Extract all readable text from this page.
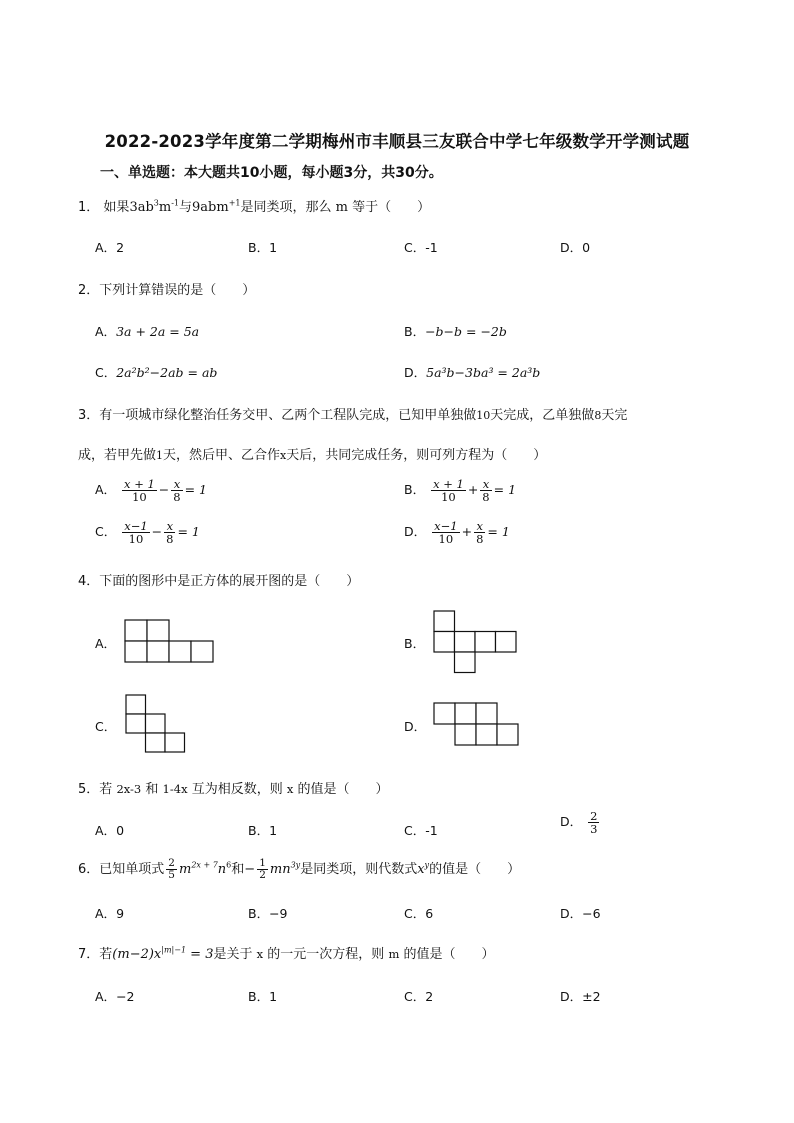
2022-2023学年度第二学期梅州市丰顺县三友联合中学七年级数学开学测试题
一、单选题：本大题共10小题，每小题3分，共30分。
1． 如果$3ab^3m^{-1}$与9abm$^{+1}$是同类项，那么 m 等于（　　）
A．2	B．1	C．-1	D．0
2．下列计算错误的是（　　）
A．3a + 2a = 5a	B．−b−b = −2b
C．2a²b²−2ab = ab	D．5a³b−3ba³ = 2a³b
3．有一项城市绿化整治任务交甲、乙两个工程队完成，已知甲单独做10天完成，乙单独做8天完
成，若甲先做1天，然后甲、乙合作x天后，共同完成任务，则可列方程为（　　）
A． $\frac{x + 1}{10} - \frac{x}{8} = 1$	B． $\frac{x + 1}{10} + \frac{x}{8} = 1$
C． $\frac{x-1}{10} - \frac{x}{8} = 1$	D． $\frac{x-1}{10} + \frac{x}{8} = 1$
4．下面的图形中是正方体的展开图的是（　　）
A．	B．
C．	D．
5．若 2x-3 和 1-4x 互为相反数，则 x 的值是（　　）
A．0	B．1	C．-1
D． $\frac{2}{3}$
6．已知单项式 $\frac{2}{5} m^{2x + 7}n^6$和− $\frac{1}{2} mn^{3y}$是同类项，则代数式$x^y$的值是（　　）
A．9	B．−9	C．6	D．−6
7．若$(m-2)x^{|m|-1} = 3$是关于 x 的一元一次方程，则 m 的值是（　　）
A．−2	B．1	C．2	D．±2
